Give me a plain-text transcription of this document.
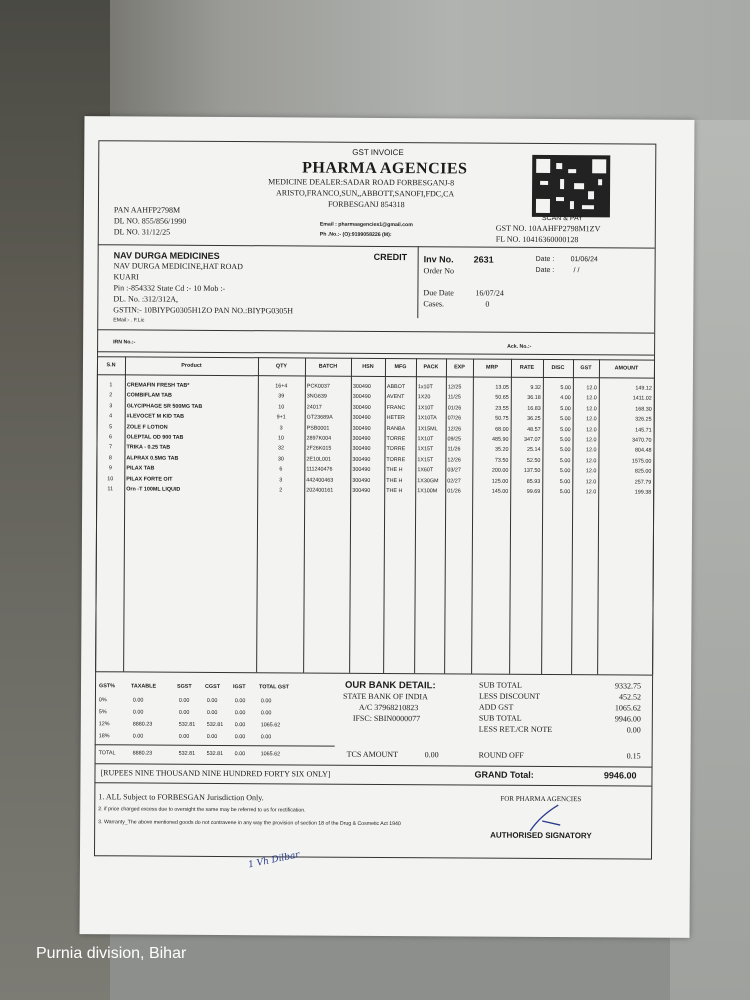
GST INVOICE
PHARMA AGENCIES
MEDICINE DEALER:SADAR ROAD FORBESGANJ-8
ARISTO,FRANCO,SUN,,ABBOTT,SANOFI,FDC,CA
FORBESGANJ 854318
PAN AAHFP2798M
DL NO. 855/856/1990
DL NO. 31/12/25
Email : pharmaagencies1@gmail.com
Ph .No.:- (O):9199058226 (M):
SCAN & PAY
GST NO. 10AAHFP2798M1ZV
FL NO. 10416360000128
NAV DURGA MEDICINES	CREDIT
NAV DURGA MEDICINE,HAT ROAD
KUARI
Pin :-854332 State Cd :- 10 Mob :-
DL. No. :312/312A,
GSTIN:- 10BIYPG0305H1ZO PAN NO.:BIYPG0305H
EMail:- . F.Lic
Inv No. 2631
Order No
Date : 01/06/24
Date :	/ /
Due Date	16/07/24
Cases.	0
IRN No.:-
Ack. No.:-
S.N	Product	QTY	BATCH	HSN	MFG	PACK	EXP	MRP	RATE	DISC	GST	AMOUNT
1	CREMAFIN FRESH TAB*	16+4	PCK0037	300490	ABBOT	1x10T	12/25	13.05	9.32	5.00	12.0	149.12
2	COMBIFLAM TAB	39	3NG639	300490	AVENT	1X20	11/25	50.65	36.18	4.00	12.0	1411.02
3	GLYCIPHAGE SR 500MG TAB	10	24017	300490	FRANC	1X10T	01/26	23.55	16.83	5.00	12.0	168.30
4	#LEVOCET M KID TAB	9+1	GT23689A	300490	HETER	1X10TA	07/26	50.75	36.25	5.00	12.0	326.25
5	ZOLE F LOTION	3	PSB0001	300490	RANBA	1X15ML	12/26	68.00	48.57	5.00	12.0	145.71
6	OLEPTAL OD 900 TAB	10	2897K004	300490	TORRE	1X10T	09/25	485.90	347.07	5.00	12.0	3470.70
7	TRIKA - 0.25 TAB	32	2F26K015	300490	TORRE	1X15T	11/26	35.20	25.14	5.00	12.0	804.48
8	ALPRAX 0.5MG TAB	30	2E10L001	300490	TORRE	1X15T	12/26	73.50	52.50	5.00	12.0	1575.00
9	PILAX TAB	6	111240476	300490	THE H	1X60T	03/27	200.00	137.50	5.00	12.0	825.00
10	PILAX FORTE OIT	3	442400463	300490	THE H	1X30GM	02/27	125.00	85.93	5.00	12.0	257.79
11	Orn -T 100ML LIQUID	2	202400161	300490	THE H	1X100M	01/26	145.00	99.69	5.00	12.0	199.38
GST%	TAXABLE	SGST CGST IGST TOTAL GST
0%	0.00	0.00	0.00	0.00	0.00
5%	0.00	0.00	0.00	0.00	0.00
12%	8880.23	532.81 532.81 0.00	1065.62
18%	0.00	0.00	0.00	0.00	0.00
TOTAL	8880.23	532.81 532.81 0.00	1065.62
OUR BANK DETAIL:
STATE BANK OF INDIA
A/C 37968210823
IFSC: SBIN0000077
TCS AMOUNT	0.00
SUB TOTAL	9332.75
LESS DISCOUNT	452.52
ADD GST	1065.62
SUB TOTAL	9946.00
LESS RET./CR NOTE	0.00
ROUND OFF	0.15
[RUPEES NINE THOUSAND NINE HUNDRED FORTY SIX ONLY]	GRAND Total:	9946.00
1. ALL Subject to FORBESGAN Jurisdiction Only.
2. if price charged excess due to oversight the same may be referred to us for rectification.
3. Warranty_The above mentioned goods do not contravene in any way the provision of section 18 of the Drug & Cosmetic Act 1940
FOR PHARMA AGENCIES
AUTHORISED SIGNATORY
1 Vh Dilbar
Purnia division, Bihar
